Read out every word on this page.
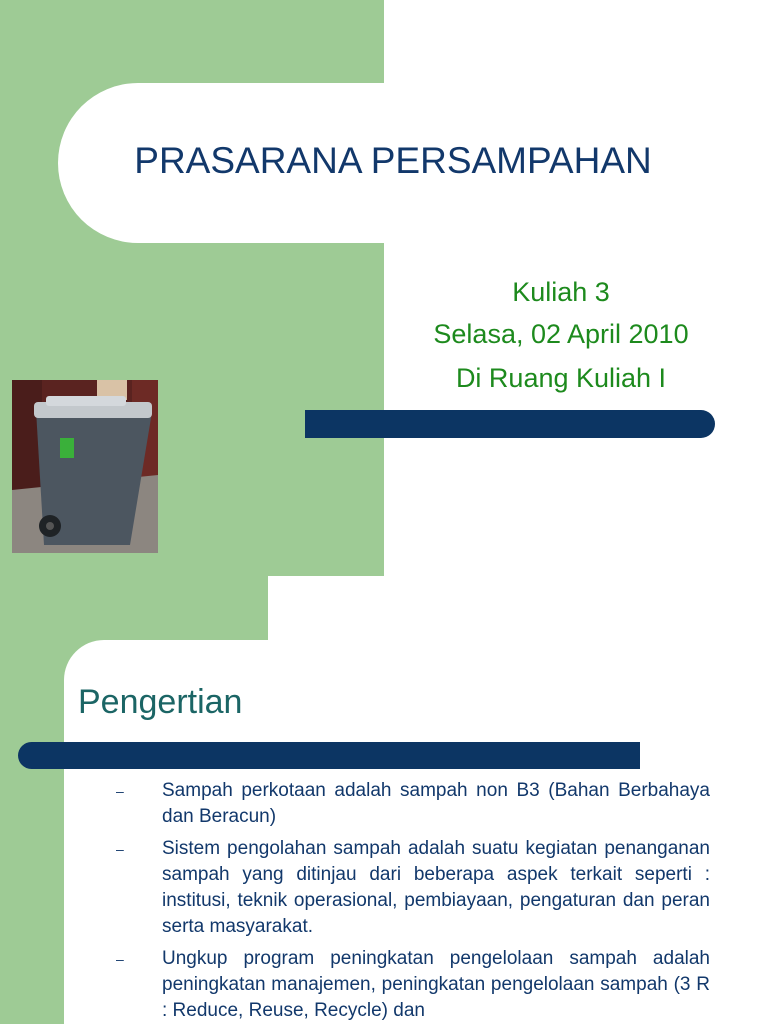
PRASARANA PERSAMPAHAN
Kuliah 3
Selasa, 02 April 2010
Di Ruang Kuliah I
Pengertian
– Sampah perkotaan adalah sampah non B3 (Bahan Berbahaya dan Beracun)
– Sistem pengolahan sampah adalah suatu kegiatan penanganan sampah yang ditinjau dari beberapa aspek terkait seperti : institusi, teknik operasional, pembiayaan, pengaturan dan peran serta masyarakat.
– Ungkup program peningkatan pengelolaan sampah adalah peningkatan manajemen, peningkatan pengelolaan sampah (3 R : Reduce, Reuse, Recycle) dan
